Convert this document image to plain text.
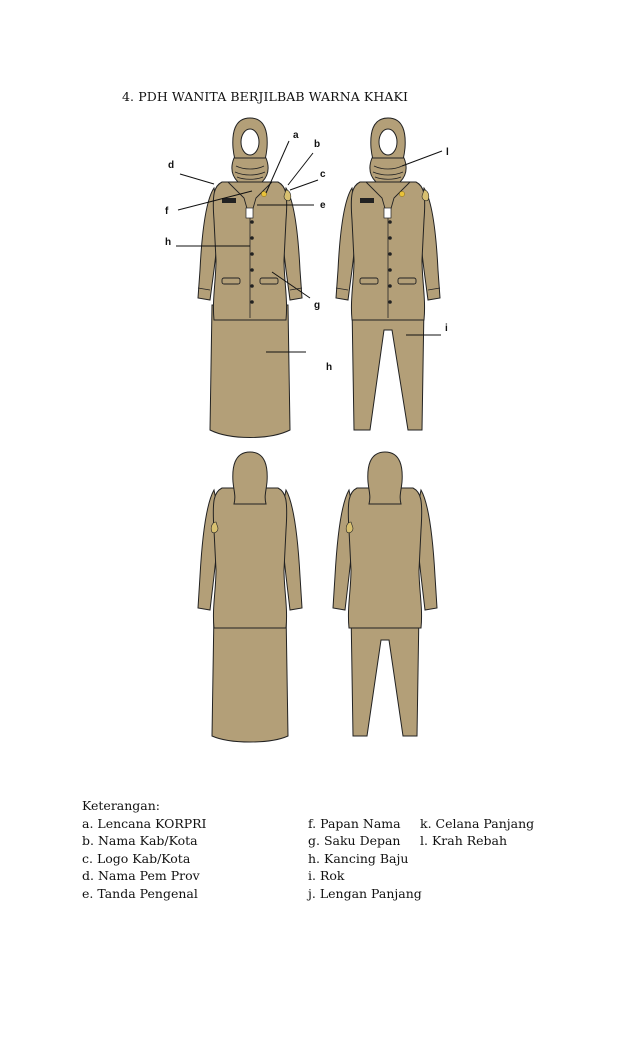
4. PDH WANITA BERJILBAB WARNA KHAKI
a
b
c
d
e
f
g
h
h
l
i
Keterangan:
a. Lencana KORPRI
b. Nama Kab/Kota
c. Logo Kab/Kota
d. Nama Pem Prov
e. Tanda Pengenal
f. Papan Nama
g. Saku Depan
h. Kancing Baju
i. Rok
j. Lengan Panjang
k. Celana Panjang
l. Krah Rebah
